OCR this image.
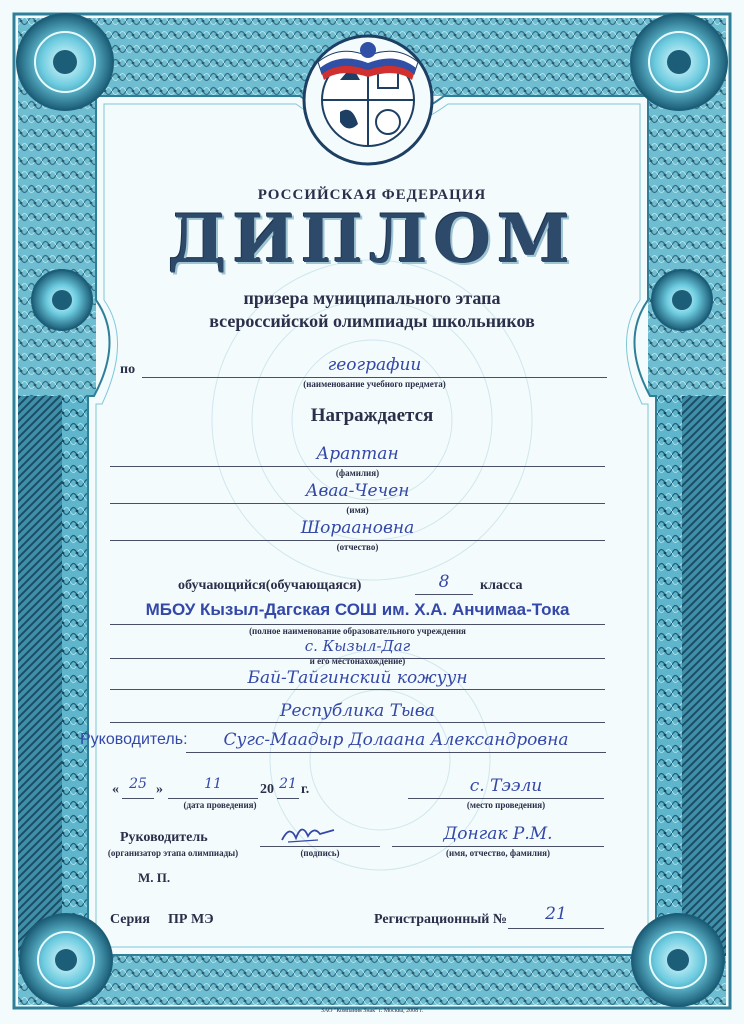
РОССИЙСКАЯ ФЕДЕРАЦИЯ
ДИПЛОМ
призера муниципального этапа
всероссийской олимпиады школьников
по	географии
(наименование учебного предмета)
Награждается
Араптан
(фамилия)
Аваа-Чечен
(имя)
Шораановна
(отчество)
обучающийся(обучающаяся)	8	класса
МБОУ Кызыл-Дагская СОШ им. Х.А. Анчимаа-Тока
(полное наименование образовательного учреждения
с. Кызыл-Даг
и его местонахождение)
Бай-Тайгинский кожуун
Республика Тыва
Руководитель:	Сугс-Маадыр Долаана Александровна
« 25 »	11	20 21 г.
(дата проведения)
с. Тээли
(место проведения)
Руководитель
(организатор этапа олимпиады)	(подпись)
Донгак Р.М.
(имя, отчество, фамилия)
М. П.
Серия ПР МЭ	Регистрационный №	21
ЗАО "Компания Знак" г. Москва, 2008 г.
